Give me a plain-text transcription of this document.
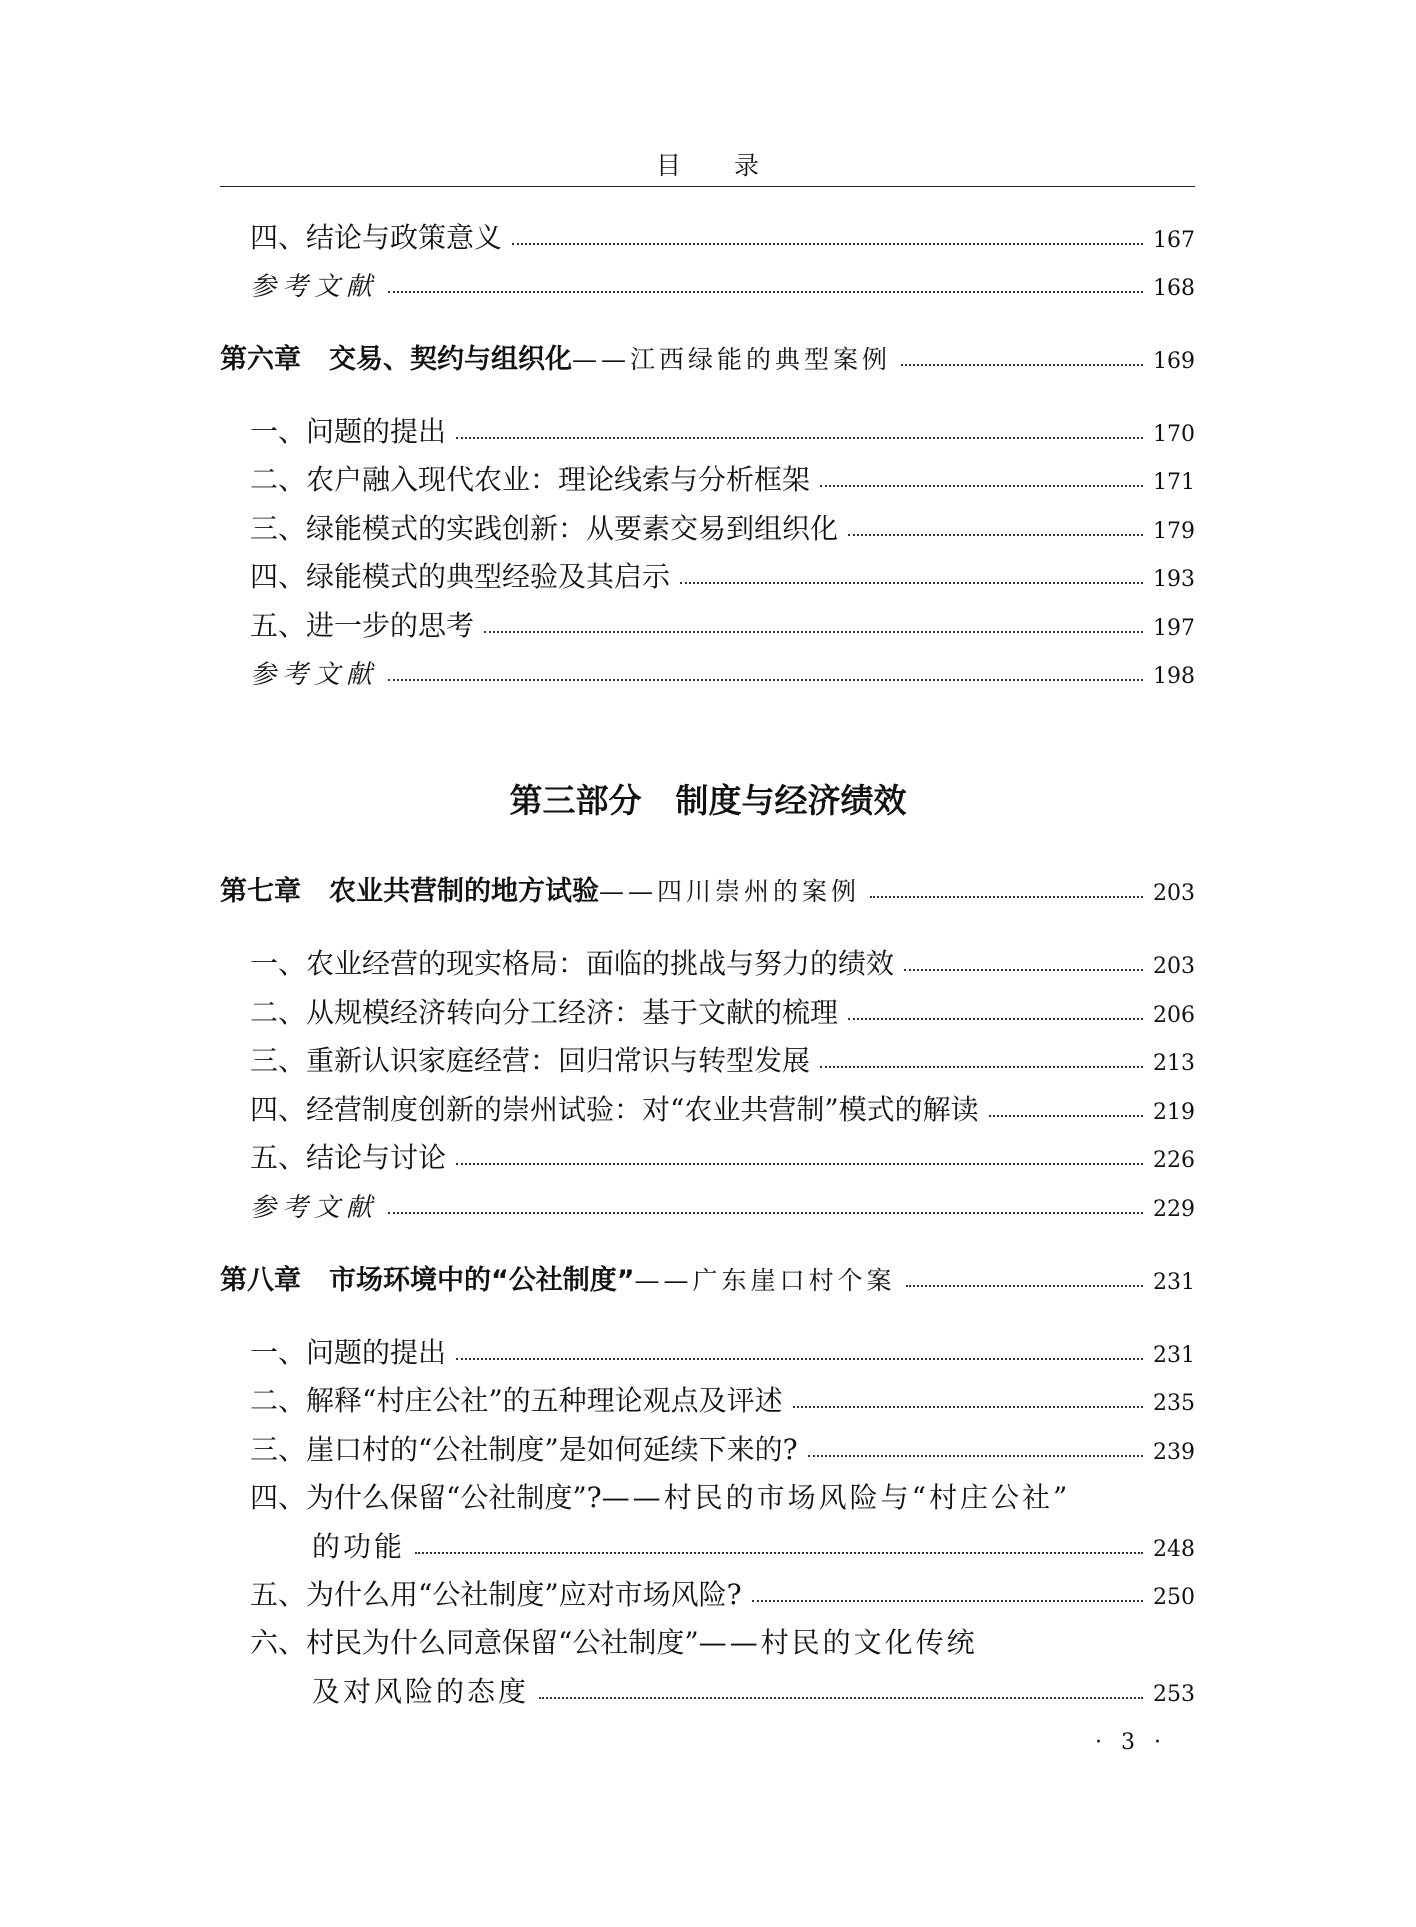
目 录
四、结论与政策意义	167
参考文献	168
第六章 交易、契约与组织化——江西绿能的典型案例	169
一、问题的提出	170
二、农户融入现代农业：理论线索与分析框架	171
三、绿能模式的实践创新：从要素交易到组织化	179
四、绿能模式的典型经验及其启示	193
五、进一步的思考	197
参考文献	198
第三部分 制度与经济绩效
第七章 农业共营制的地方试验——四川崇州的案例	203
一、农业经营的现实格局：面临的挑战与努力的绩效	203
二、从规模经济转向分工经济：基于文献的梳理	206
三、重新认识家庭经营：回归常识与转型发展	213
四、经营制度创新的崇州试验：对“农业共营制”模式的解读	219
五、结论与讨论	226
参考文献	229
第八章 市场环境中的“公社制度”——广东崖口村个案	231
一、问题的提出	231
二、解释“村庄公社”的五种理论观点及评述	235
三、崖口村的“公社制度”是如何延续下来的?	239
四、为什么保留“公社制度”?——村民的市场风险与“村庄公社”
的功能	248
五、为什么用“公社制度”应对市场风险?	250
六、村民为什么同意保留“公社制度”——村民的文化传统
及对风险的态度	253
· 3 ·
